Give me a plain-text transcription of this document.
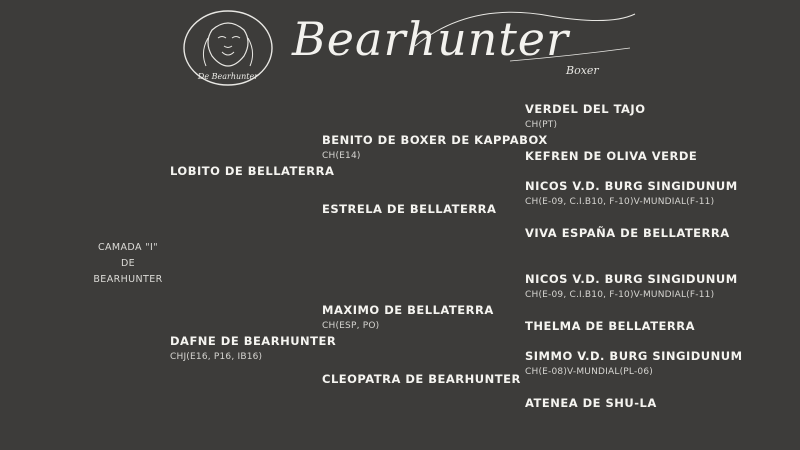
De Bearhunter
Bearhunter
Boxer
CAMADA "I"
DE
BEARHUNTER
LOBITO DE BELLATERRA
DAFNE DE BEARHUNTER
CHJ(E16, P16, IB16)
BENITO DE BOXER DE KAPPABOX
CH(E14)
ESTRELA DE BELLATERRA
MAXIMO DE BELLATERRA
CH(ESP, PO)
CLEOPATRA DE BEARHUNTER
VERDEL DEL TAJO
CH(PT)
KEFREN DE OLIVA VERDE
NICOS V.D. BURG SINGIDUNUM
CH(E-09, C.I.B10, F-10)V-MUNDIAL(F-11)
VIVA ESPAÑA DE BELLATERRA
NICOS V.D. BURG SINGIDUNUM
CH(E-09, C.I.B10, F-10)V-MUNDIAL(F-11)
THELMA DE BELLATERRA
SIMMO V.D. BURG SINGIDUNUM
CH(E-08)V-MUNDIAL(PL-06)
ATENEA DE SHU-LA
